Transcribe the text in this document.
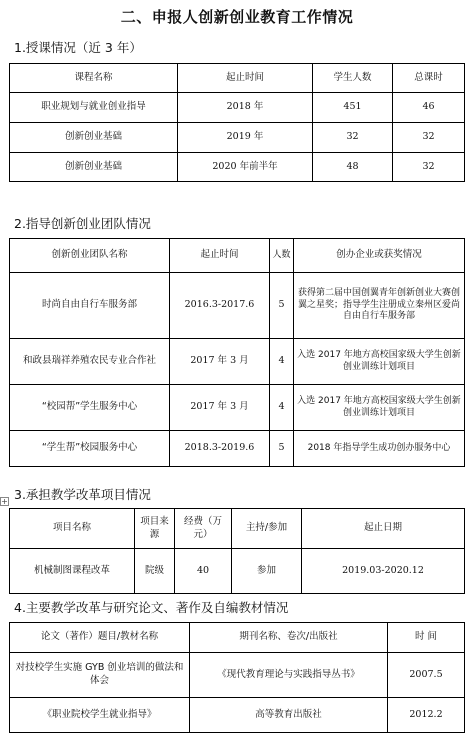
二、申报人创新创业教育工作情况
1.授课情况（近 3 年）
课程名称	起止时间	学生人数	总课时
职业规划与就业创业指导	2018 年	451	46
创新创业基础	2019 年	32	32
创新创业基础	2020 年前半年	48	32
2.指导创新创业团队情况
创新创业团队名称	起止时间	人数	创办企业或获奖情况
时尚自由自行车服务部	2016.3-2017.6	5	获得第二届中国创翼青年创新创业大赛创翼之星奖；指导学生注册成立秦州区爱尚自由自行车服务部
和政县瑞祥养殖农民专业合作社	2017 年 3 月	4	入选 2017 年地方高校国家级大学生创新创业训练计划项目
“校园帮”学生服务中心	2017 年 3 月	4	入选 2017 年地方高校国家级大学生创新创业训练计划项目
“学生帮”校园服务中心	2018.3-2019.6	5	2018 年指导学生成功创办服务中心
3.承担教学改革项目情况
+
项目名称	项目来源	经费（万元）	主持/参加	起止日期
机械制图课程改革	院级	40	参加	2019.03-2020.12
4.主要教学改革与研究论文、著作及自编教材情况
论文（著作）题目/教材名称	期刊名称、卷次/出版社	时 间
对技校学生实施 GYB 创业培训的做法和体会	《现代教育理论与实践指导丛书》	2007.5
《职业院校学生就业指导》	高等教育出版社	2012.2
